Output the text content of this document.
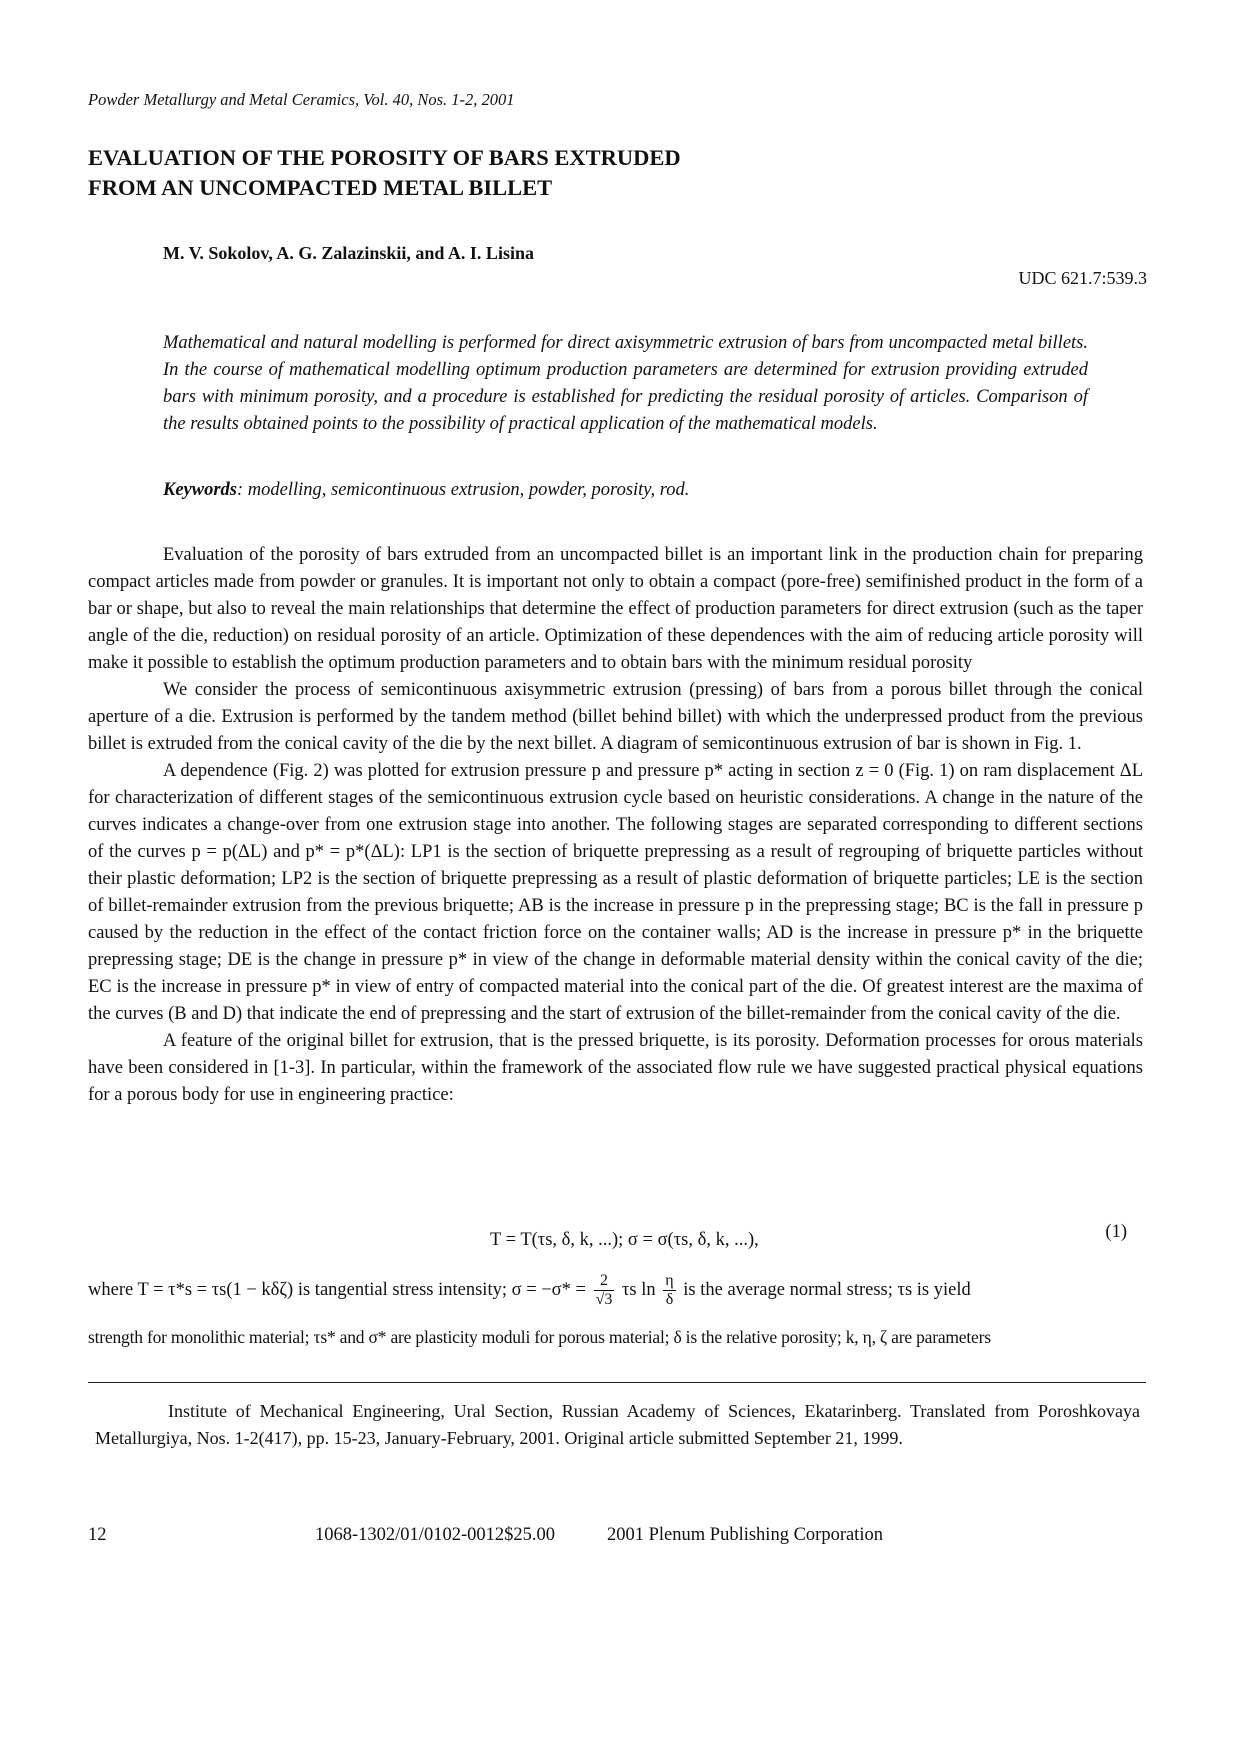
Powder Metallurgy and Metal Ceramics, Vol. 40, Nos. 1-2, 2001
EVALUATION OF THE POROSITY OF BARS EXTRUDED
FROM AN UNCOMPACTED METAL BILLET
M. V. Sokolov, A. G. Zalazinskii, and A. I. Lisina
UDC 621.7:539.3
Mathematical and natural modelling is performed for direct axisymmetric extrusion of bars from uncompacted metal billets. In the course of mathematical modelling optimum production parameters are determined for extrusion providing extruded bars with minimum porosity, and a procedure is established for predicting the residual porosity of articles. Comparison of the results obtained points to the possibility of practical application of the mathematical models.
Keywords: modelling, semicontinuous extrusion, powder, porosity, rod.

Evaluation of the porosity of bars extruded from an uncompacted billet is an important link in the production chain for preparing compact articles made from powder or granules. It is important not only to obtain a compact (pore-free) semifinished product in the form of a bar or shape, but also to reveal the main relationships that determine the effect of production parameters for direct extrusion (such as the taper angle of the die, reduction) on residual porosity of an article. Optimization of these dependences with the aim of reducing article porosity will make it possible to establish the optimum production parameters and to obtain bars with the minimum residual porosity

We consider the process of semicontinuous axisymmetric extrusion (pressing) of bars from a porous billet through the conical aperture of a die. Extrusion is performed by the tandem method (billet behind billet) with which the underpressed product from the previous billet is extruded from the conical cavity of the die by the next billet. A diagram of semicontinuous extrusion of bar is shown in Fig. 1.

A dependence (Fig. 2) was plotted for extrusion pressure p and pressure p* acting in section z = 0 (Fig. 1) on ram displacement ΔL for characterization of different stages of the semicontinuous extrusion cycle based on heuristic considerations. A change in the nature of the curves indicates a change-over from one extrusion stage into another. The following stages are separated corresponding to different sections of the curves p = p(ΔL) and p* = p*(ΔL): LP1 is the section of briquette prepressing as a result of regrouping of briquette particles without their plastic deformation; LP2 is the section of briquette prepressing as a result of plastic deformation of briquette particles; LE is the section of billet-remainder extrusion from the previous briquette; AB is the increase in pressure p in the prepressing stage; BC is the fall in pressure p caused by the reduction in the effect of the contact friction force on the container walls; AD is the increase in pressure p* in the briquette prepressing stage; DE is the change in pressure p* in view of the change in deformable material density within the conical cavity of the die; EC is the increase in pressure p* in view of entry of compacted material into the conical part of the die. Of greatest interest are the maxima of the curves (B and D) that indicate the end of prepressing and the start of extrusion of the billet-remainder from the conical cavity of the die.

A feature of the original billet for extrusion, that is the pressed briquette, is its porosity. Deformation processes for orous materials have been considered in [1-3]. In particular, within the framework of the associated flow rule we have suggested practical physical equations for a porous body for use in engineering practice:

T = T(τs, δ, k, ...); σ = σ(τs, δ, k, ...),	(1)
where T = τ*s = τs(1 − kδζ) is tangential stress intensity; $\sigma = -\sigma* = \frac{2}{√3}$ τs $\ln \frac{\eta}{\delta}$ is the average normal stress; τs is yield
strength for monolithic material; τs* and σ* are plasticity moduli for porous material; δ is the relative porosity; k, η, ζ are parameters
Institute of Mechanical Engineering, Ural Section, Russian Academy of Sciences, Ekatarinberg. Translated from Poroshkovaya Metallurgiya, Nos. 1-2(417), pp. 15-23, January-February, 2001. Original article submitted September 21, 1999.
12	1068-1302/01/0102-0012$25.00	2001 Plenum Publishing Corporation
